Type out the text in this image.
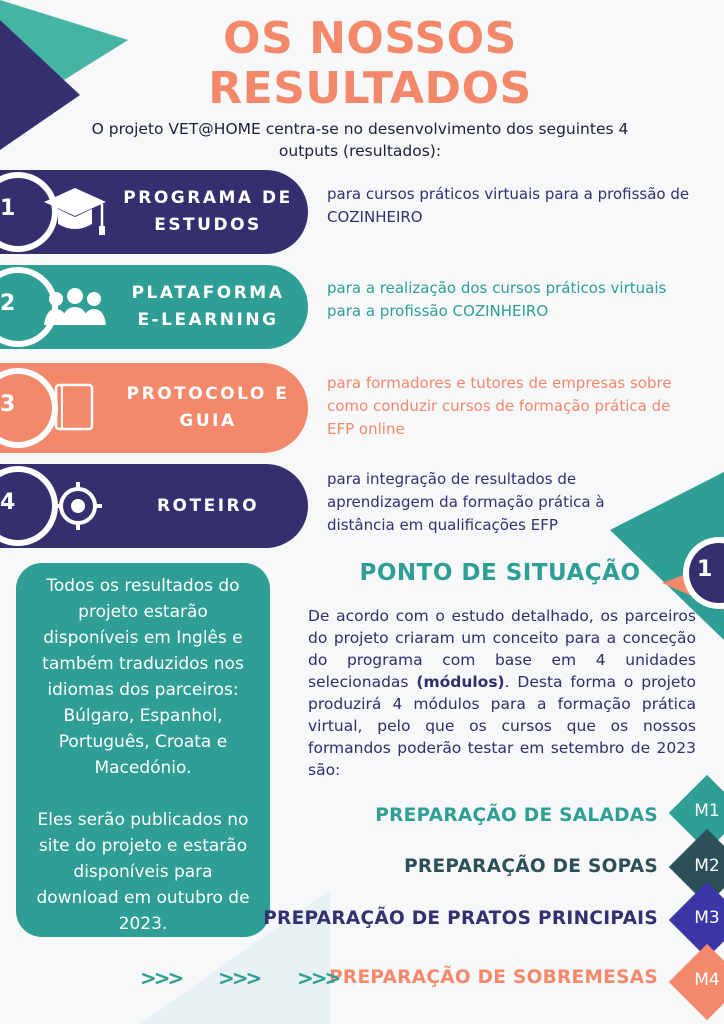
OS NOSSOS RESULTADOS
O projeto VET@HOME centra-se no desenvolvimento dos seguintes 4 outputs (resultados):
1	PROGRAMA DE
ESTUDOS
para cursos práticos virtuais para a profissão de COZINHEIRO
2	PLATAFORMA
E-LEARNING
para a realização dos cursos práticos virtuais para a profissão COZINHEIRO
3	PROTOCOLO E
GUIA
para formadores e tutores de empresas sobre como conduzir cursos de formação prática de EFP online
4	ROTEIRO
para integração de resultados de aprendizagem da formação prática à distância em qualificações EFP

Todos os resultados do
projeto estarão
disponíveis em Inglês e
também traduzidos nos
idiomas dos parceiros:
Búlgaro, Espanhol,
Português, Croata e
Macedónio.

Eles serão publicados no
site do projeto e estarão
disponíveis para
download em outubro de
2023.

PONTO DE SITUAÇÃO	1
De acordo com o estudo detalhado, os parceiros do projeto criaram um conceito para a conceção do programa com base em 4 unidades selecionadas (módulos). Desta forma o projeto produzirá 4 módulos para a formação prática virtual, pelo que os cursos que os nossos formandos poderão testar em setembro de 2023 são:
PREPARAÇÃO DE SALADAS M1
PREPARAÇÃO DE SOPAS M2
PREPARAÇÃO DE PRATOS PRINCIPAIS M3
PREPARAÇÃO DE SOBREMESAS M4
>>> >>> >>>
